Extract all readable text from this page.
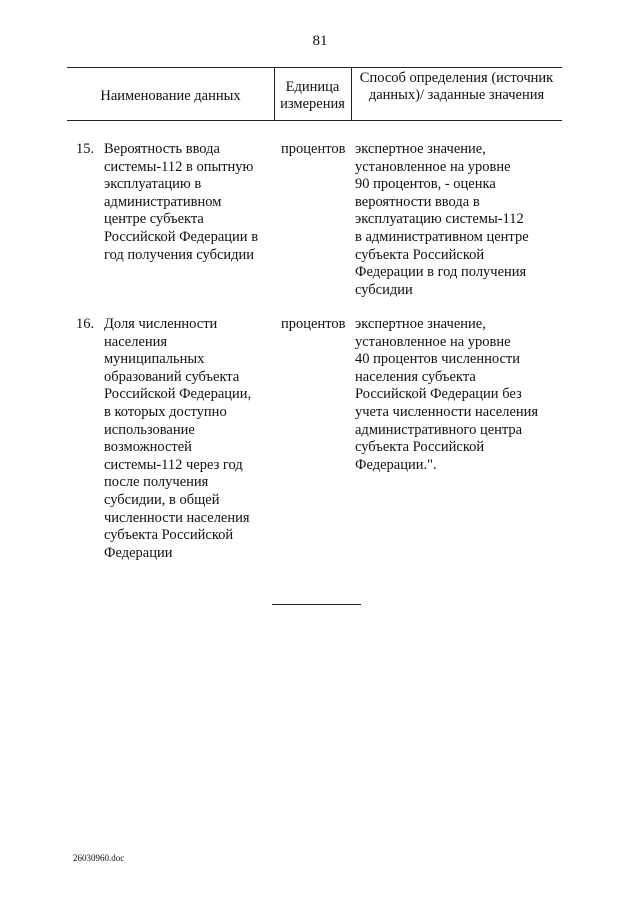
81
Наименование данных
Единица измерения
Способ определения (источник данных)/ заданные значения
15. Вероятность ввода
системы-112 в опытную
эксплуатацию в
административном
центре субъекта
Российской Федерации в
год получения субсидии
процентов экспертное значение,
установленное на уровне
90 процентов, - оценка
вероятности ввода в
эксплуатацию системы-112
в административном центре
субъекта Российской
Федерации в год получения
субсидии
16. Доля численности
населения
муниципальных
образований субъекта
Российской Федерации,
в которых доступно
использование
возможностей
системы-112 через год
после получения
субсидии, в общей
численности населения
субъекта Российской
Федерации
процентов экспертное значение,
установленное на уровне
40 процентов численности
населения субъекта
Российской Федерации без
учета численности населения
административного центра
субъекта Российской
Федерации.".
26030960.doc
